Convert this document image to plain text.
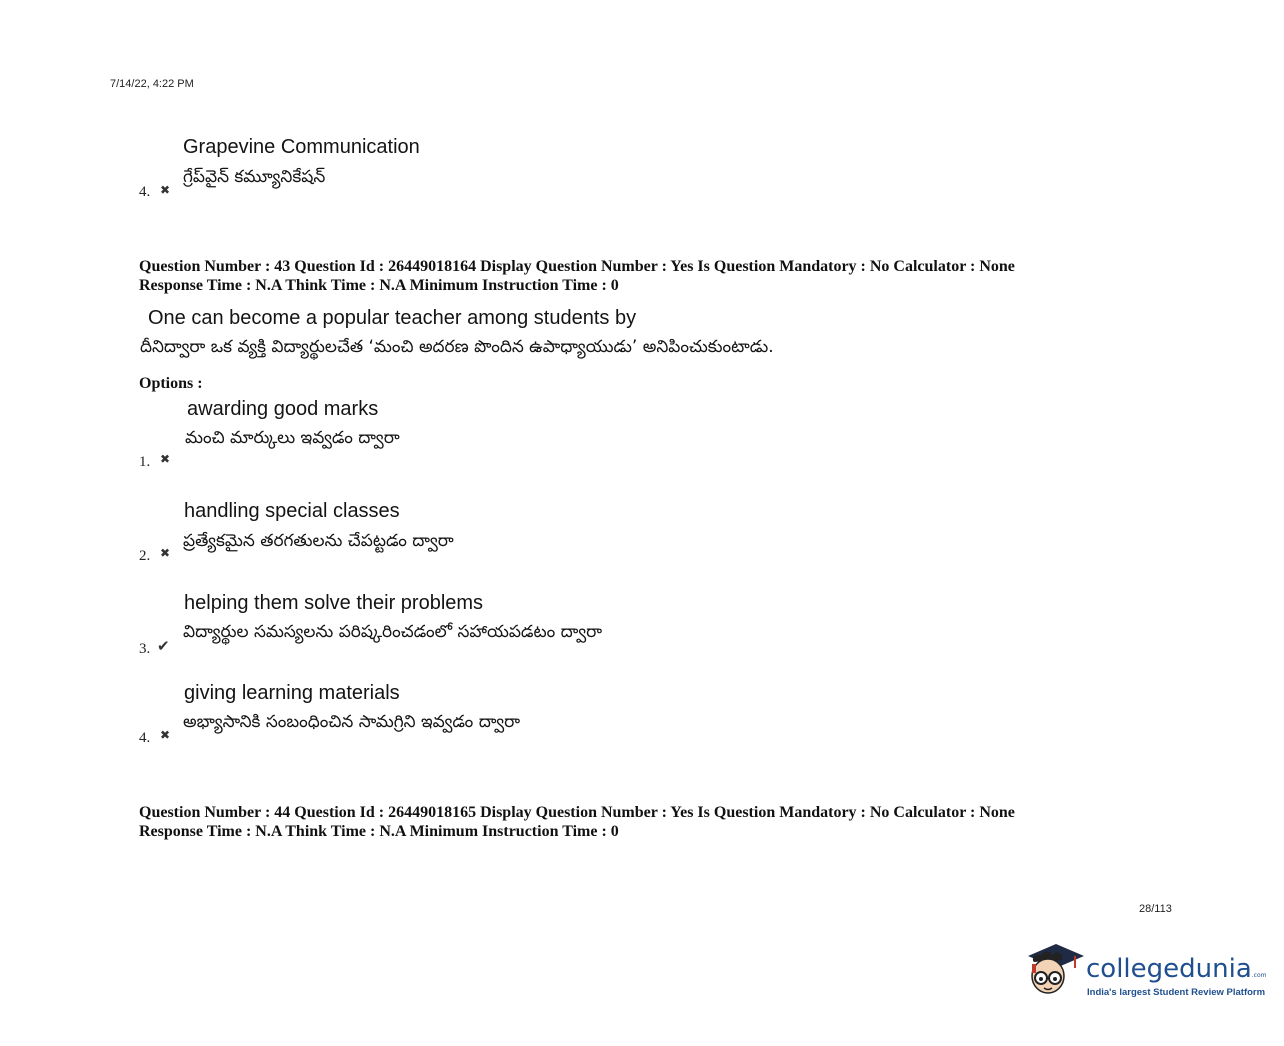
7/14/22, 4:22 PM
Grapevine Communication
గ్రేప్‌వైన్ కమ్యూనికేషన్
4. ✖
Question Number : 43 Question Id : 26449018164 Display Question Number : Yes Is Question Mandatory : No Calculator : None
Response Time : N.A Think Time : N.A Minimum Instruction Time : 0
One can become a popular teacher among students by
దీనిద్వారా ఒక వ్యక్తి విద్యార్థులచేత ‘మంచి అదరణ పొందిన ఉపాధ్యాయుడు’ అనిపించుకుంటాడు.
Options :
awarding good marks
మంచి మార్కులు ఇవ్వడం ద్వారా
1. ✖
handling special classes
ప్రత్యేకమైన తరగతులను చేపట్టడం ద్వారా
2. ✖
helping them solve their problems
విద్యార్థుల సమస్యలను పరిష్కరించడంలో సహాయపడటం ద్వారా
3. ✔
giving learning materials
అభ్యాసానికి సంబంధించిన సామగ్రిని ఇవ్వడం ద్వారా
4. ✖
Question Number : 44 Question Id : 26449018165 Display Question Number : Yes Is Question Mandatory : No Calculator : None
Response Time : N.A Think Time : N.A Minimum Instruction Time : 0
28/113
collegedunia.com
India's largest Student Review Platform
